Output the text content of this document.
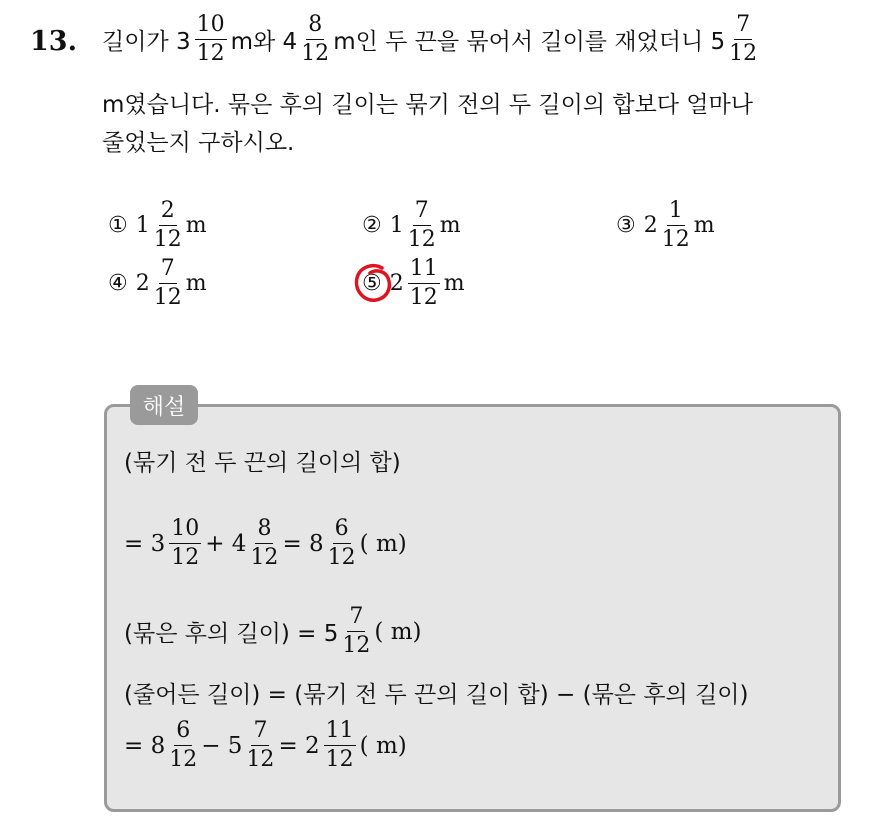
13. 길이가 $3 \frac{10}{12}$ m와 $4 \frac{8}{12}$ m인 두 끈을 묶어서 길이를 재었더니 $5 \frac{7}{12}$
m였습니다. 묶은 후의 길이는 묶기 전의 두 길이의 합보다 얼마나
줄었는지 구하시오.
① $1 \frac{2}{12}$ m	② $1 \frac{7}{12}$ m	③ $2 \frac{1}{12}$ m
④ $2 \frac{7}{12}$ m	⑤ $2 \frac{11}{12}$ m
해설
(묶기 전 두 끈의 길이의 합)
= $3 \frac{10}{12} + 4 \frac{8}{12} = 8 \frac{6}{12}$ ( m)
(묶은 후의 길이) = $5 \frac{7}{12}$ ( m)
(줄어든 길이) = (묶기 전 두 끈의 길이 합) − (묶은 후의 길이)
= $8 \frac{6}{12} - 5 \frac{7}{12} = 2 \frac{11}{12}$ ( m)
